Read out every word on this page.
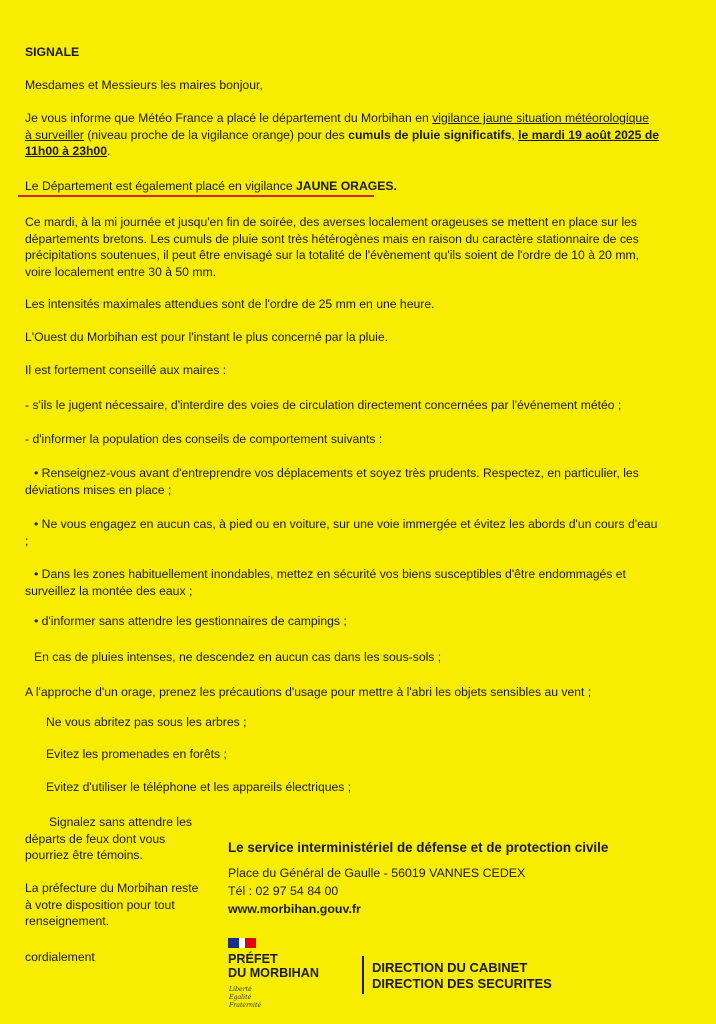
SIGNALE

Mesdames et Messieurs les maires bonjour,

Je vous informe que Météo France a placé le département du Morbihan en vigilance jaune situation météorologique
à surveiller (niveau proche de la vigilance orange) pour des cumuls de pluie significatifs, le mardi 19 août 2025 de
11h00 à 23h00.

Le Département est également placé en vigilance JAUNE ORAGES.

Ce mardi, à la mi journée et jusqu'en fin de soirée, des averses localement orageuses se mettent en place sur les
départements bretons. Les cumuls de pluie sont très hétérogènes mais en raison du caractère stationnaire de ces
précipitations soutenues, il peut être envisagé sur la totalité de l'évènement qu'ils soient de l'ordre de 10 à 20 mm,
voire localement entre 30 à 50 mm.

Les intensités maximales attendues sont de l'ordre de 25 mm en une heure.

L'Ouest du Morbihan est pour l'instant le plus concerné par la pluie.

Il est fortement conseillé aux maires :

- s'ils le jugent nécessaire, d'interdire des voies de circulation directement concernées par l'événement météo ;

- d'informer la population des conseils de comportement suivants :

• Renseignez-vous avant d'entreprendre vos déplacements et soyez très prudents. Respectez, en particulier, les
déviations mises en place ;
• Ne vous engagez en aucun cas, à pied ou en voiture, sur une voie immergée et évitez les abords d'un cours d'eau
;
• Dans les zones habituellement inondables, mettez en sécurité vos biens susceptibles d'être endommagés et
surveillez la montée des eaux ;

• d'informer sans attendre les gestionnaires de campings ;

En cas de pluies intenses, ne descendez en aucun cas dans les sous-sols ;

A l'approche d'un orage, prenez les précautions d'usage pour mettre à l'abri les objets sensibles au vent ;

Ne vous abritez pas sous les arbres ;

Evitez les promenades en forêts ;

Evitez d'utiliser le téléphone et les appareils électriques ;

Signalez sans attendre les
départs de feux dont vous
pourriez être témoins.
La préfecture du Morbihan reste
à votre disposition pour tout
renseignement.

cordialement

Le service interministériel de défense et de protection civile

Place du Général de Gaulle - 56019 VANNES CEDEX

Tél : 02 97 54 84 00

www.morbihan.gouv.fr

PRÉFET

DU MORBIHAN

Liberté
Égalité
Fraternité
DIRECTION DU CABINET
DIRECTION DES SECURITES
